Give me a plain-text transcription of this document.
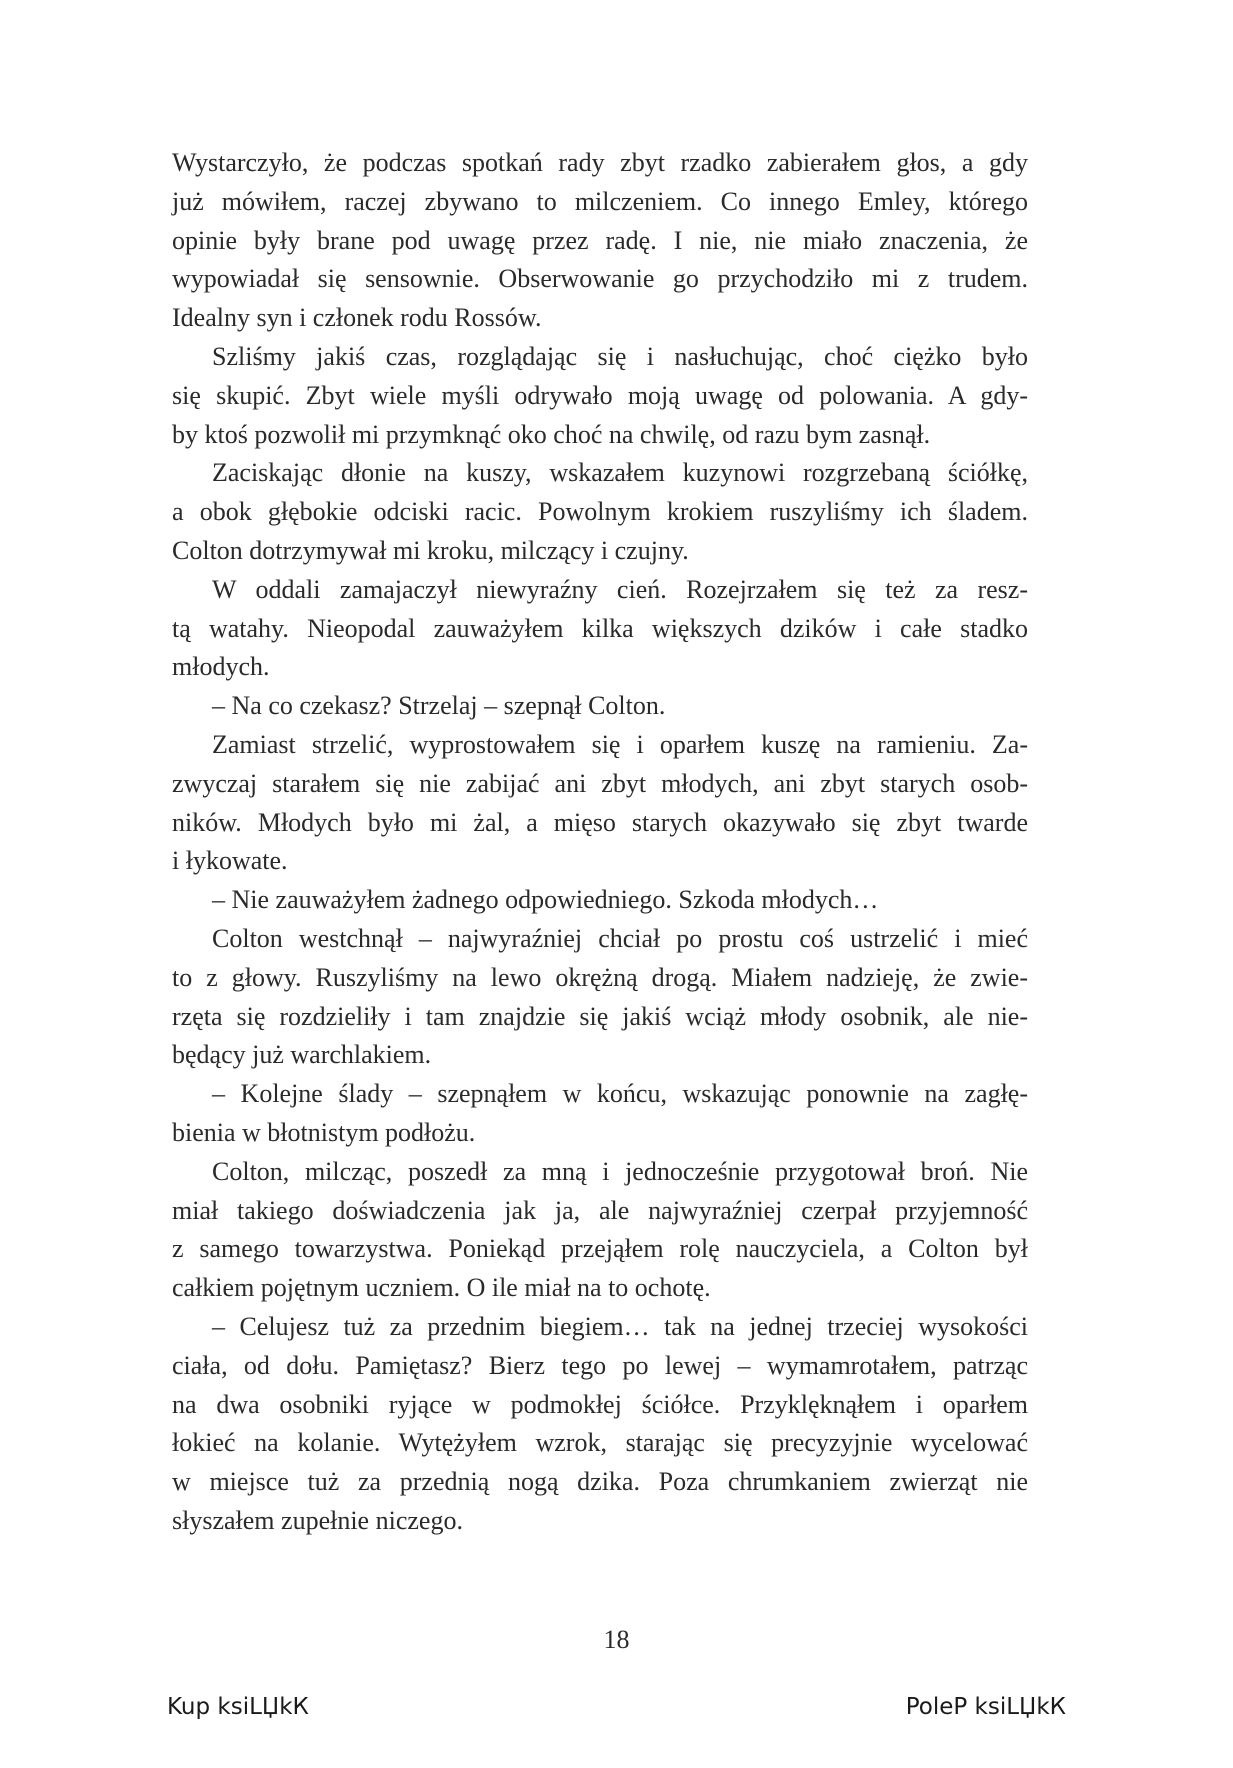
Wystarczyło, że podczas spotkań rady zbyt rzadko zabierałem głos, a gdy
już mówiłem, raczej zbywano to milczeniem. Co innego Emley, którego
opinie były brane pod uwagę przez radę. I nie, nie miało znaczenia, że
wypowiadał się sensownie. Obserwowanie go przychodziło mi z trudem.
Idealny syn i członek rodu Rossów.
Szliśmy jakiś czas, rozglądając się i nasłuchując, choć ciężko było
się skupić. Zbyt wiele myśli odrywało moją uwagę od polowania. A gdy-
by ktoś pozwolił mi przymknąć oko choć na chwilę, od razu bym zasnął.
Zaciskając dłonie na kuszy, wskazałem kuzynowi rozgrzebaną ściółkę,
a obok głębokie odciski racic. Powolnym krokiem ruszyliśmy ich śladem.
Colton dotrzymywał mi kroku, milczący i czujny.
W oddali zamajaczył niewyraźny cień. Rozejrzałem się też za resz-
tą watahy. Nieopodal zauważyłem kilka większych dzików i całe stadko
młodych.
– Na co czekasz? Strzelaj – szepnął Colton.
Zamiast strzelić, wyprostowałem się i oparłem kuszę na ramieniu. Za-
zwyczaj starałem się nie zabijać ani zbyt młodych, ani zbyt starych osob-
ników. Młodych było mi żal, a mięso starych okazywało się zbyt twarde
i łykowate.
– Nie zauważyłem żadnego odpowiedniego. Szkoda młodych…
Colton westchnął – najwyraźniej chciał po prostu coś ustrzelić i mieć
to z głowy. Ruszyliśmy na lewo okrężną drogą. Miałem nadzieję, że zwie-
rzęta się rozdzieliły i tam znajdzie się jakiś wciąż młody osobnik, ale nie-
będący już warchlakiem.
– Kolejne ślady – szepnąłem w końcu, wskazując ponownie na zagłę-
bienia w błotnistym podłożu.
Colton, milcząc, poszedł za mną i jednocześnie przygotował broń. Nie
miał takiego doświadczenia jak ja, ale najwyraźniej czerpał przyjemność
z samego towarzystwa. Poniekąd przejąłem rolę nauczyciela, a Colton był
całkiem pojętnym uczniem. O ile miał na to ochotę.
– Celujesz tuż za przednim biegiem… tak na jednej trzeciej wysokości
ciała, od dołu. Pamiętasz? Bierz tego po lewej – wymamrotałem, patrząc
na dwa osobniki ryjące w podmokłej ściółce. Przyklęknąłem i oparłem
łokieć na kolanie. Wytężyłem wzrok, starając się precyzyjnie wycelować
w miejsce tuż za przednią nogą dzika. Poza chrumkaniem zwierząt nie
słyszałem zupełnie niczego.
18
Kup ksiLЏkК	PoleР ksiLЏkК
